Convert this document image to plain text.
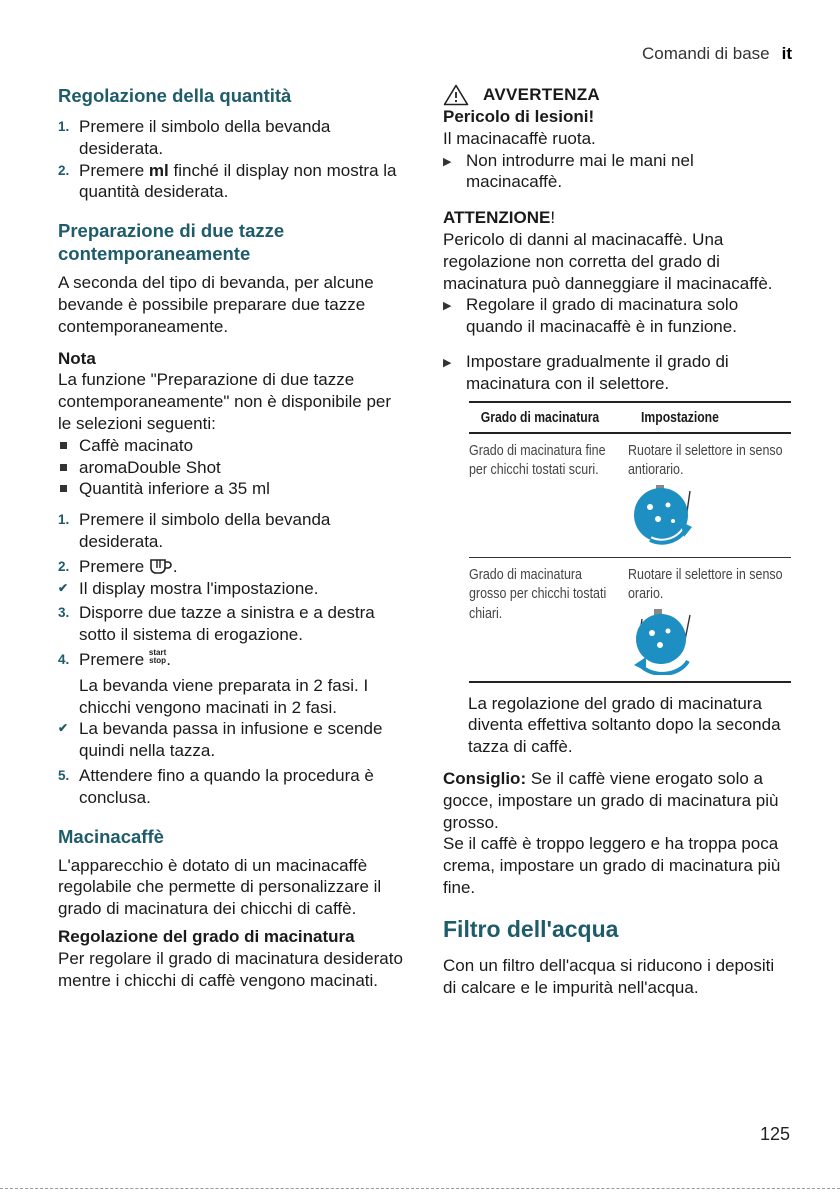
Comandi di base it

Regolazione della quantità

1. Premere il simbolo della bevanda desiderata.
2. Premere ml finché il display non mostra la quantità desiderata.

Preparazione di due tazze contemporaneamente

A seconda del tipo di bevanda, per alcune bevande è possibile preparare due tazze contemporaneamente.

Nota

La funzione "Preparazione di due tazze contemporaneamente" non è disponibile per le selezioni seguenti:

Caffè macinato
aromaDouble Shot
Quantità inferiore a 35 ml
1. Premere il simbolo della bevanda desiderata.
2. Premere .
✔ Il display mostra l'impostazione.
3. Disporre due tazze a sinistra e a destra sotto il sistema di erogazione.
4. Premere start
stop.
La bevanda viene preparata in 2 fasi. I chicchi vengono macinati in 2 fasi.
✔ La bevanda passa in infusione e scende quindi nella tazza.
5. Attendere fino a quando la procedura è conclusa.

Macinacaffè

L'apparecchio è dotato di un macinacaffè regolabile che permette di personalizzare il grado di macinatura dei chicchi di caffè.

Regolazione del grado di macinatura

Per regolare il grado di macinatura desiderato mentre i chicchi di caffè vengono macinati.

AVVERTENZA

Pericolo di lesioni!

Il macinacaffè ruota.

▶ Non introdurre mai le mani nel macinacaffè.

ATTENZIONE!

Pericolo di danni al macinacaffè. Una regolazione non corretta del grado di macinatura può danneggiare il macinacaffè.

▶ Regolare il grado di macinatura solo quando il macinacaffè è in funzione.
▶ Impostare gradualmente il grado di macinatura con il selettore.
Grado di macinatura	Impostazione

Grado di macinatura fine per chicchi tostati scuri.	Ruotare il selettore in senso antiorario.

Grado di macinatura grosso per chicchi tostati chiari.	Ruotare il selettore in senso orario.

La regolazione del grado di macinatura diventa effettiva soltanto dopo la seconda tazza di caffè.

Consiglio: Se il caffè viene erogato solo a gocce, impostare un grado di macinatura più grosso.

Se il caffè è troppo leggero e ha troppa poca crema, impostare un grado di macinatura più fine.

Filtro dell'acqua

Con un filtro dell'acqua si riducono i depositi di calcare e le impurità nell'acqua.

125
